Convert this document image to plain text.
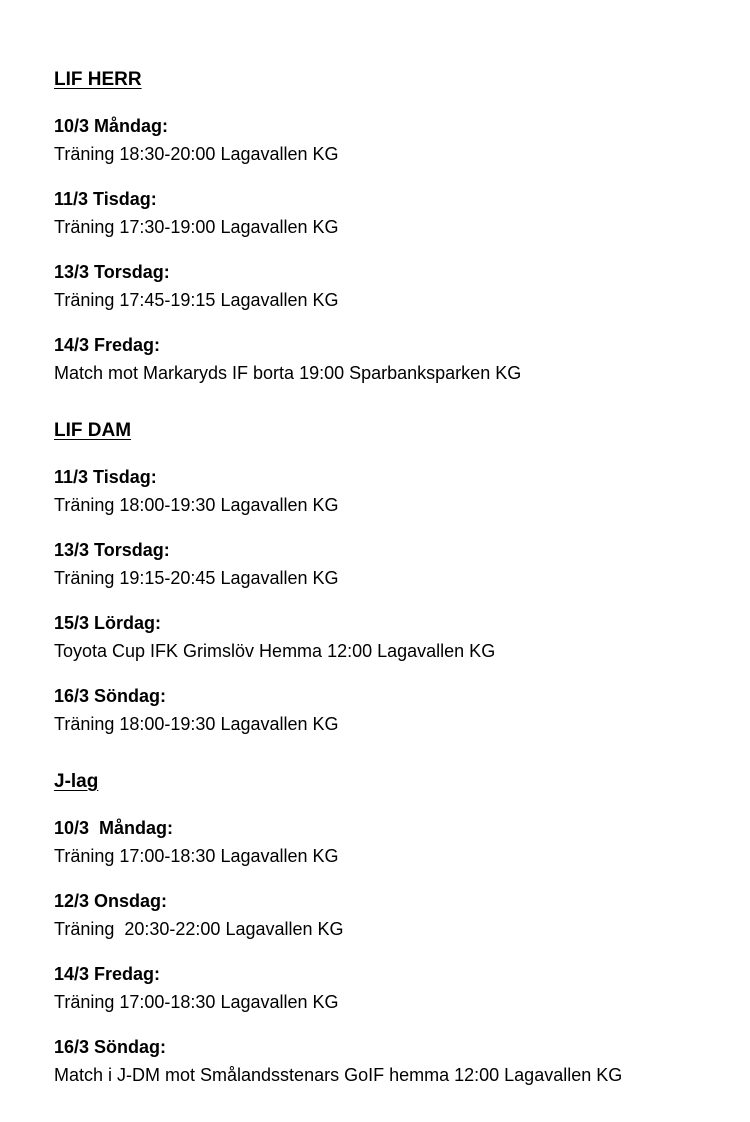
LIF HERR
10/3 Måndag:
Träning 18:30-20:00 Lagavallen KG
11/3 Tisdag:
Träning 17:30-19:00 Lagavallen KG
13/3 Torsdag:
Träning 17:45-19:15 Lagavallen KG
14/3 Fredag:
Match mot Markaryds IF borta 19:00 Sparbanksparken KG
LIF DAM
11/3 Tisdag:
Träning 18:00-19:30 Lagavallen KG
13/3 Torsdag:
Träning 19:15-20:45 Lagavallen KG
15/3 Lördag:
Toyota Cup IFK Grimslöv Hemma 12:00 Lagavallen KG
16/3 Söndag:
Träning 18:00-19:30 Lagavallen KG
J-lag
10/3  Måndag:
Träning 17:00-18:30 Lagavallen KG
12/3 Onsdag:
Träning  20:30-22:00 Lagavallen KG
14/3 Fredag:
Träning 17:00-18:30 Lagavallen KG
16/3 Söndag:
Match i J-DM mot Smålandsstenars GoIF hemma 12:00 Lagavallen KG
